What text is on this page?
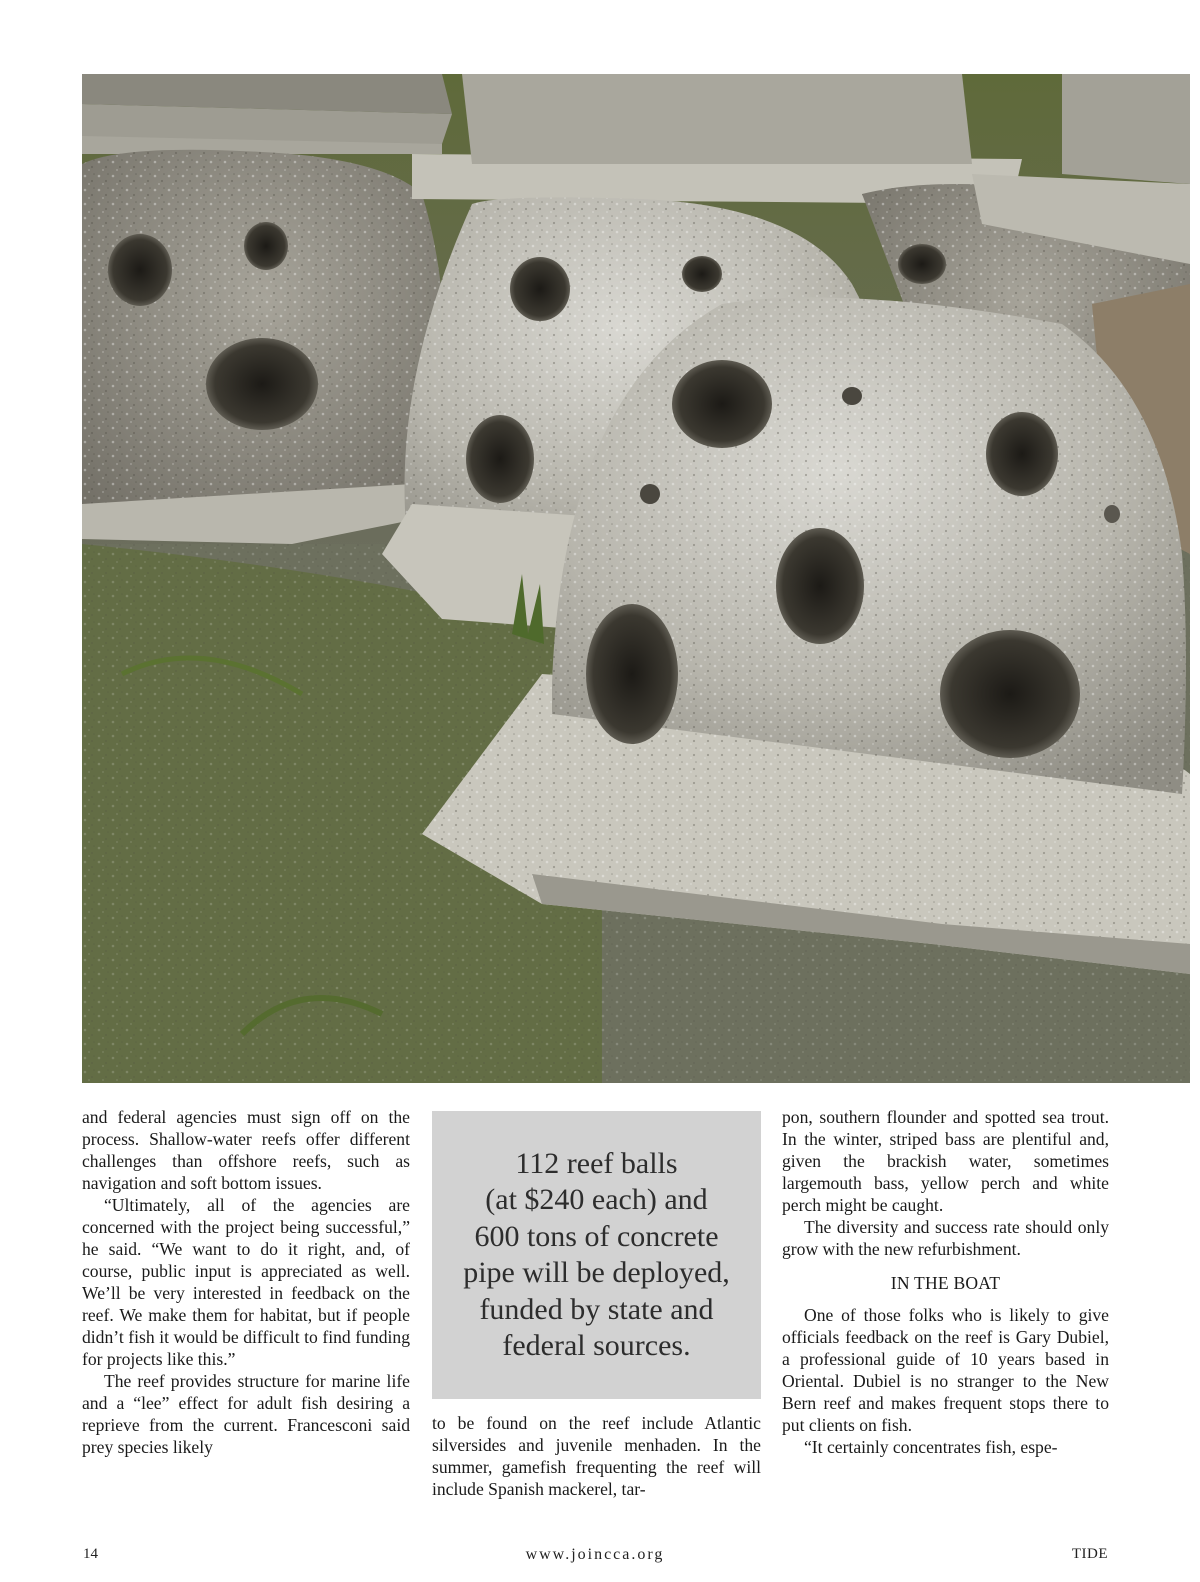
and federal agencies must sign off on the process. Shallow-water reefs offer different challenges than offshore reefs, such as navigation and soft bottom issues.

“Ultimately, all of the agencies are concerned with the project being successful,” he said. “We want to do it right, and, of course, public input is appreciated as well. We’ll be very interested in feedback on the reef. We make them for habitat, but if people didn’t fish it would be difficult to find funding for projects like this.”

The reef provides structure for marine life and a “lee” effect for adult fish desiring a reprieve from the current. Francesconi said prey species likely

112 reef balls
(at $240 each) and
600 tons of concrete
pipe will be deployed,
funded by state and
federal sources.

to be found on the reef include Atlantic silversides and juvenile menhaden. In the summer, gamefish frequenting the reef will include Spanish mackerel, tar-

pon, southern flounder and spotted sea trout. In the winter, striped bass are plentiful and, given the brackish water, sometimes largemouth bass, yellow perch and white perch might be caught.

The diversity and success rate should only grow with the new refurbishment.

IN THE BOAT

One of those folks who is likely to give officials feedback on the reef is Gary Dubiel, a professional guide of 10 years based in Oriental. Dubiel is no stranger to the New Bern reef and makes frequent stops there to put clients on fish.

“It certainly concentrates fish, espe-

14	www.joincca.org	TIDE
